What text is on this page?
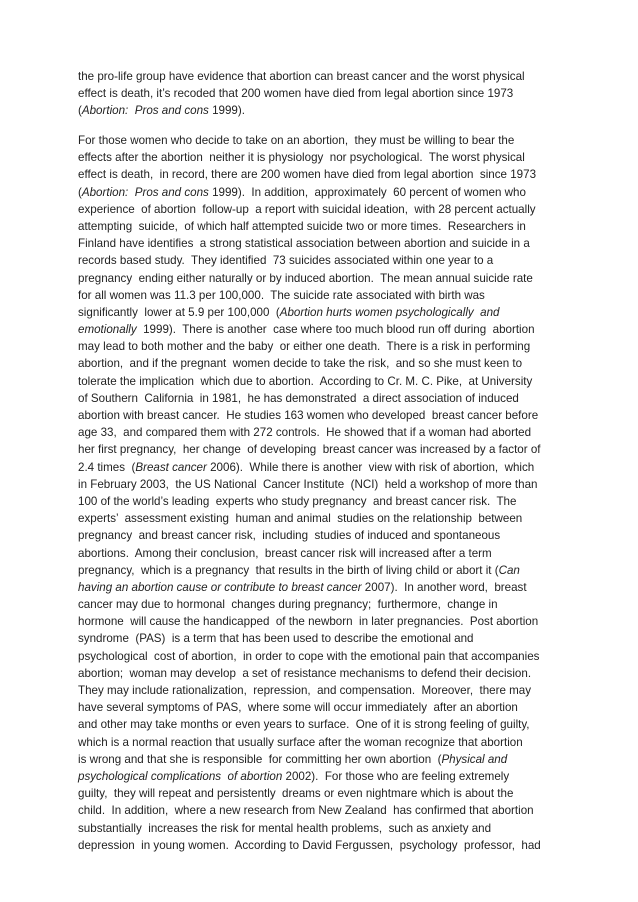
the pro-life group have evidence that abortion can breast cancer and the worst physical
effect is death, it’s recoded that 200 women have died from legal abortion since 1973
(Abortion:  Pros and cons 1999).
For those women who decide to take on an abortion,  they must be willing to bear the
effects after the abortion  neither it is physiology  nor psychological.  The worst physical
effect is death,  in record, there are 200 women have died from legal abortion  since 1973
(Abortion:  Pros and cons 1999).  In addition,  approximately  60 percent of women who
experience  of abortion  follow-up  a report with suicidal ideation,  with 28 percent actually
attempting  suicide,  of which half attempted suicide two or more times.  Researchers in
Finland have identifies  a strong statistical association between abortion and suicide in a
records based study.  They identified  73 suicides associated within one year to a
pregnancy  ending either naturally or by induced abortion.  The mean annual suicide rate
for all women was 11.3 per 100,000.  The suicide rate associated with birth was
significantly  lower at 5.9 per 100,000  (Abortion hurts women psychologically  and
emotionally  1999).  There is another  case where too much blood run off during  abortion
may lead to both mother and the baby  or either one death.  There is a risk in performing
abortion,  and if the pregnant  women decide to take the risk,  and so she must keen to
tolerate the implication  which due to abortion.  According to Cr. M. C. Pike,  at University
of Southern  California  in 1981,  he has demonstrated  a direct association of induced
abortion with breast cancer.  He studies 163 women who developed  breast cancer before
age 33,  and compared them with 272 controls.  He showed that if a woman had aborted
her first pregnancy,  her change  of developing  breast cancer was increased by a factor of
2.4 times  (Breast cancer 2006).  While there is another  view with risk of abortion,  which
in February 2003,  the US National  Cancer Institute  (NCI)  held a workshop of more than
100 of the world’s leading  experts who study pregnancy  and breast cancer risk.  The
experts’  assessment existing  human and animal  studies on the relationship  between
pregnancy  and breast cancer risk,  including  studies of induced and spontaneous
abortions.  Among their conclusion,  breast cancer risk will increased after a term
pregnancy,  which is a pregnancy  that results in the birth of living child or abort it (Can
having an abortion cause or contribute to breast cancer 2007).  In another word,  breast
cancer may due to hormonal  changes during pregnancy;  furthermore,  change in
hormone  will cause the handicapped  of the newborn  in later pregnancies.  Post abortion
syndrome  (PAS)  is a term that has been used to describe the emotional and
psychological  cost of abortion,  in order to cope with the emotional pain that accompanies
abortion;  woman may develop  a set of resistance mechanisms to defend their decision.
They may include rationalization,  repression,  and compensation.  Moreover,  there may
have several symptoms of PAS,  where some will occur immediately  after an abortion
and other may take months or even years to surface.  One of it is strong feeling of guilty,
which is a normal reaction that usually surface after the woman recognize that abortion
is wrong and that she is responsible  for committing her own abortion  (Physical and
psychological complications  of abortion 2002).  For those who are feeling extremely
guilty,  they will repeat and persistently  dreams or even nightmare which is about the
child.  In addition,  where a new research from New Zealand  has confirmed that abortion
substantially  increases the risk for mental health problems,  such as anxiety and
depression  in young women.  According to David Fergussen,  psychology  professor,  had
